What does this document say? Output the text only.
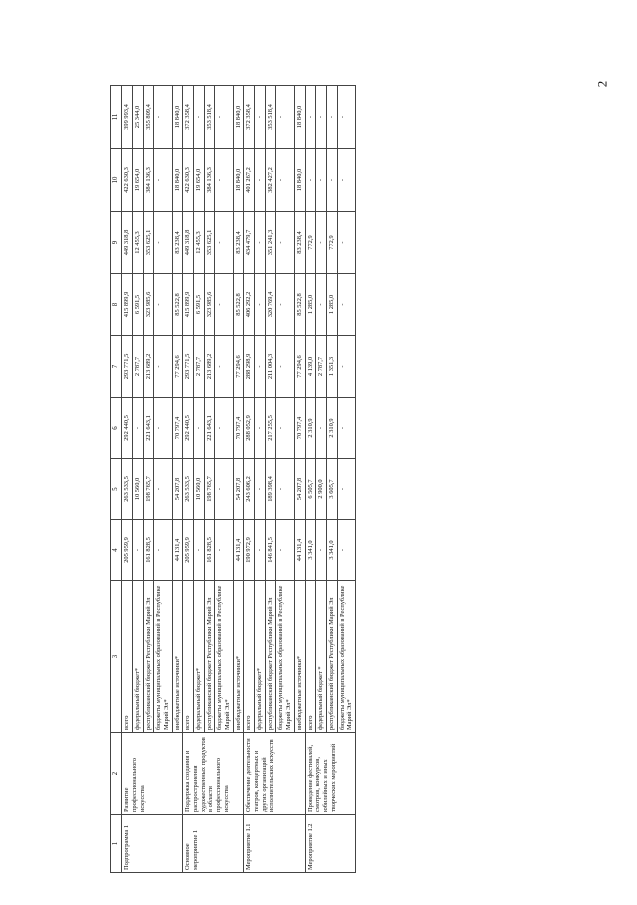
2
1	2	3	4	5	6	7	8	9	10	11
Подпрограмма 1	Развитие профессионального искусства	всего	205 959,9	263 533,5	292 440,5	293 771,5	415 899,9	449 318,8	422 630,3	399 993,4
		федеральный бюджет*	-	10 560,0	-	2 787,7	6 591,5	12 455,3	19 654,0	25 344,0
		республиканский бюджет Республики Марий Эл	161 828,5	198 765,7	221 643,1	213 689,2	323 985,6	353 625,1	384 136,3	355 809,4
		бюджеты муниципальных образований в Республике Марий Эл*	-	-	-	-	-	-	-	-
		внебюджетные источники*	44 131,4	54 207,8	70 797,4	77 294,6	85 522,8	83 238,4	18 840,0	18 840,0
Основное мероприятие 1	Поддержка создания и распространения художественных продуктов в области профессионального искусства	всего	205 959,9	263 533,5	292 440,5	293 771,5	415 899,9	449 318,8	422 630,3	372 358,4
		федеральный бюджет*	-	10 560,0	-	2 787,7	6 591,5	12 455,3	19 654,0	-
		республиканский бюджет Республики Марий Эл	161 828,5	198 765,7	221 643,1	213 689,2	323 985,6	353 625,1	384 136,3	353 518,4
		бюджеты муниципальных образований в Республике Марий Эл*	-	-	-	-	-	-	-	-
		внебюджетные источники*	44 131,4	54 207,8	70 797,4	77 294,6	85 522,8	83 238,4	18 840,0	18 840,0
Мероприятие 1.1	Обеспечение деятельности театров, концертных и других организаций исполнительских искусств	всего	190 972,9	243 606,2	288 052,9	288 298,9	406 292,2	434 479,7	401 267,2	372 358,4
		федеральный бюджет*	-	-	-	-	-	-	-	-
		республиканский бюджет Республики Марий Эл	146 841,5	189 398,4	217 255,5	211 004,3	320 769,4	351 241,3	382 427,2	353 518,4
		бюджеты муниципальных образований в Республике Марий Эл*	-	-	-	-	-	-	-	-
		внебюджетные источники*	44 131,4	54 207,8	70 797,4	77 294,6	85 522,8	83 238,4	18 840,0	18 840,0
Мероприятие 1.2	Проведение фестивалей, смотров, конкурсов, юбилейных и иных творческих мероприятий	всего	3 341,0	6 505,7	2 310,9	4 139,0	1 285,0	772,9	-	-
		федеральный бюджет *	-	2 900,0	-	2 787,7	-	-	-	-
		республиканский бюджет Республики Марий Эл	3 341,0	3 605,7	2 310,9	1 351,3	1 285,0	772,9	-	-
		бюджеты муниципальных образований в Республике Марий Эл*	-	-	-	-	-	-	-	-
